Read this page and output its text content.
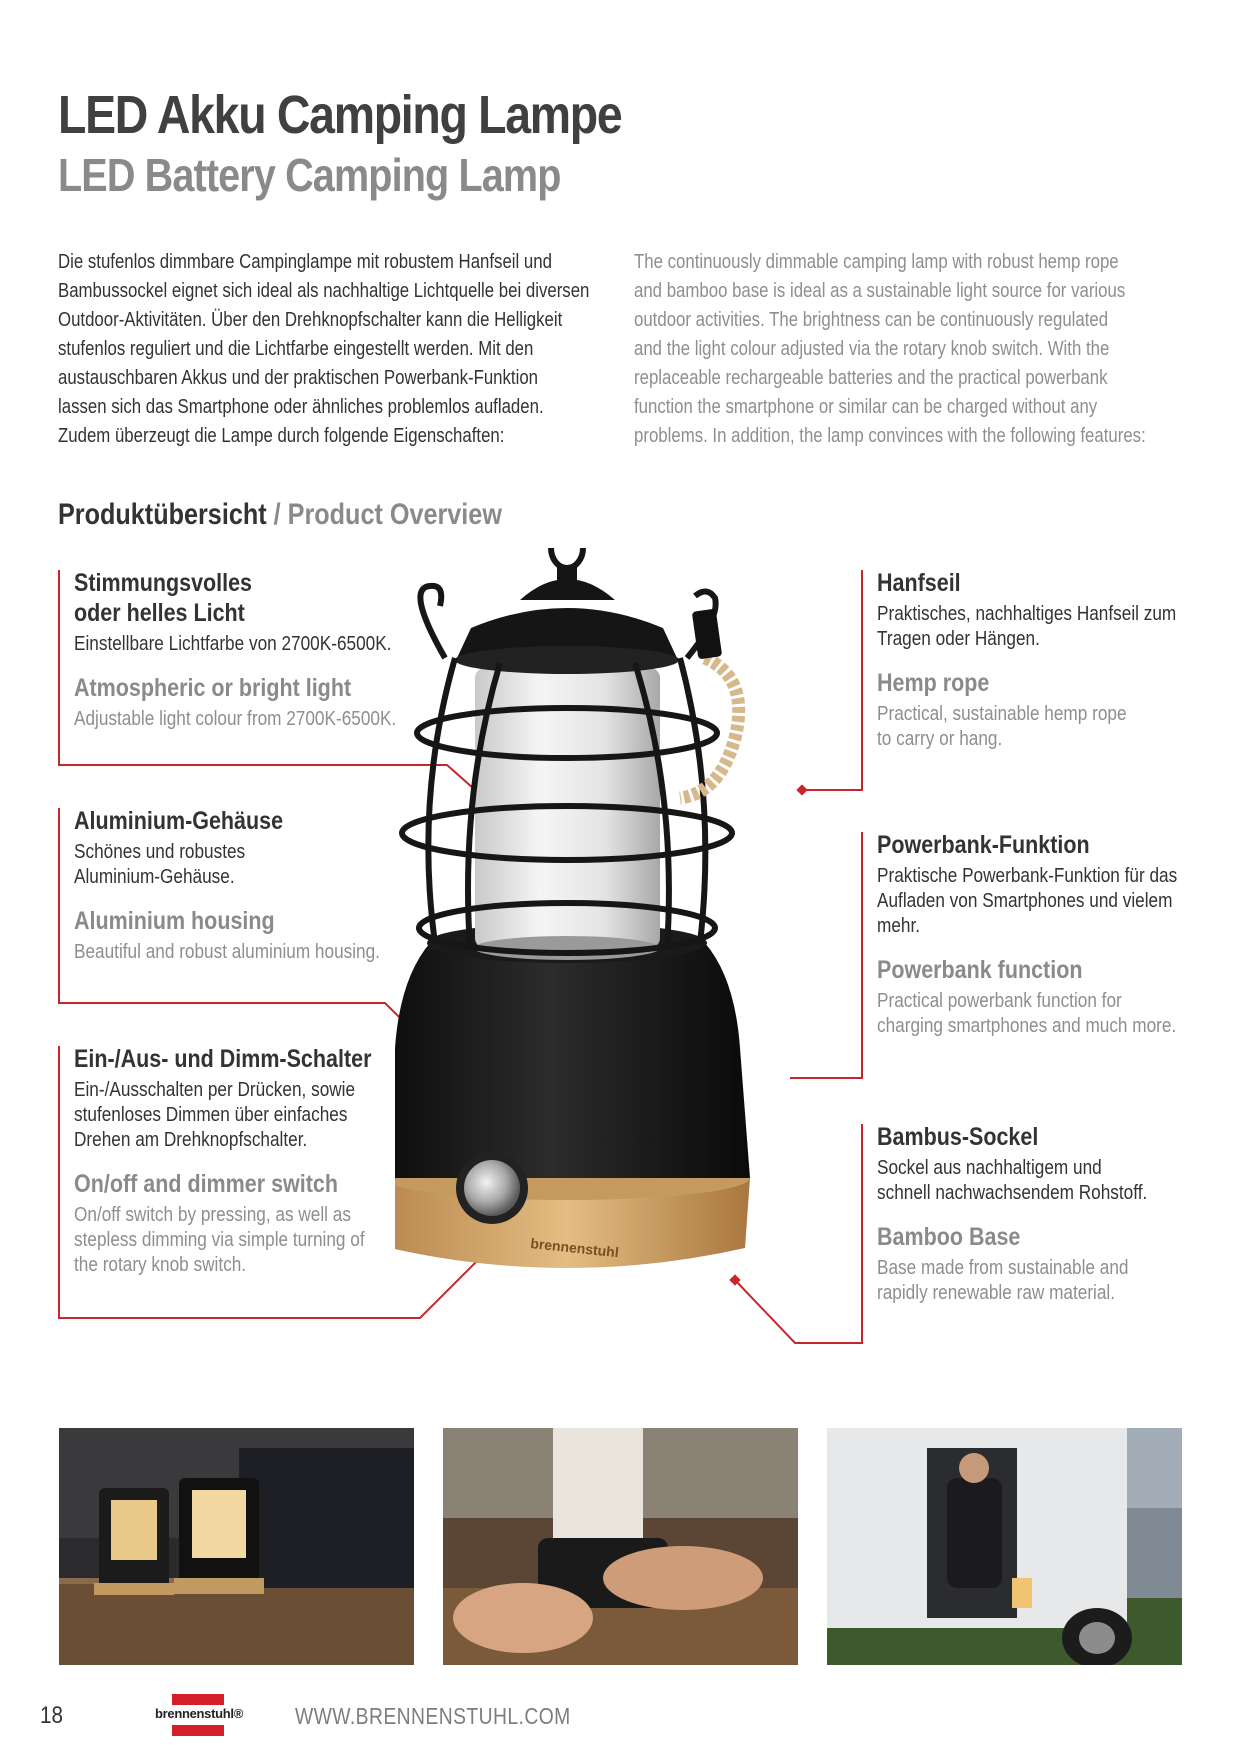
LED Akku Camping Lampe
LED Battery Camping Lamp
Die stufenlos dimmbare Campinglampe mit robustem Hanfseil und
Bambussockel eignet sich ideal als nachhaltige Lichtquelle bei diversen
Outdoor-Aktivitäten. Über den Drehknopfschalter kann die Helligkeit
stufenlos reguliert und die Lichtfarbe eingestellt werden. Mit den
austauschbaren Akkus und der praktischen Powerbank-Funktion
lassen sich das Smartphone oder ähnliches problemlos aufladen.
Zudem überzeugt die Lampe durch folgende Eigenschaften:
The continuously dimmable camping lamp with robust hemp rope
and bamboo base is ideal as a sustainable light source for various
outdoor activities. The brightness can be continuously regulated
and the light colour adjusted via the rotary knob switch. With the
replaceable rechargeable batteries and the practical powerbank
function the smartphone or similar can be charged without any
problems. In addition, the lamp convinces with the following features:
Produktübersicht / Product Overview
brennenstuhl
Stimmungsvolles
oder helles Licht
Einstellbare Lichtfarbe von 2700K-6500K.
Atmospheric or bright light
Adjustable light colour from 2700K-6500K.
Aluminium-Gehäuse
Schönes und robustes
Aluminium-Gehäuse.
Aluminium housing
Beautiful and robust aluminium housing.
Ein-/Aus- und Dimm-Schalter
Ein-/Ausschalten per Drücken, sowie
stufenloses Dimmen über einfaches
Drehen am Drehknopfschalter.
On/off and dimmer switch
On/off switch by pressing, as well as
stepless dimming via simple turning of
the rotary knob switch.
Hanfseil
Praktisches, nachhaltiges Hanfseil zum
Tragen oder Hängen.
Hemp rope
Practical, sustainable hemp rope
to carry or hang.
Powerbank-Funktion
Praktische Powerbank-Funktion für das
Aufladen von Smartphones und vielem
mehr.
Powerbank function
Practical powerbank function for
charging smartphones and much more.
Bambus-Sockel
Sockel aus nachhaltigem und
schnell nachwachsendem Rohstoff.
Bamboo Base
Base made from sustainable and
rapidly renewable raw material.
18	brennenstuhl®	WWW.BRENNENSTUHL.COM
